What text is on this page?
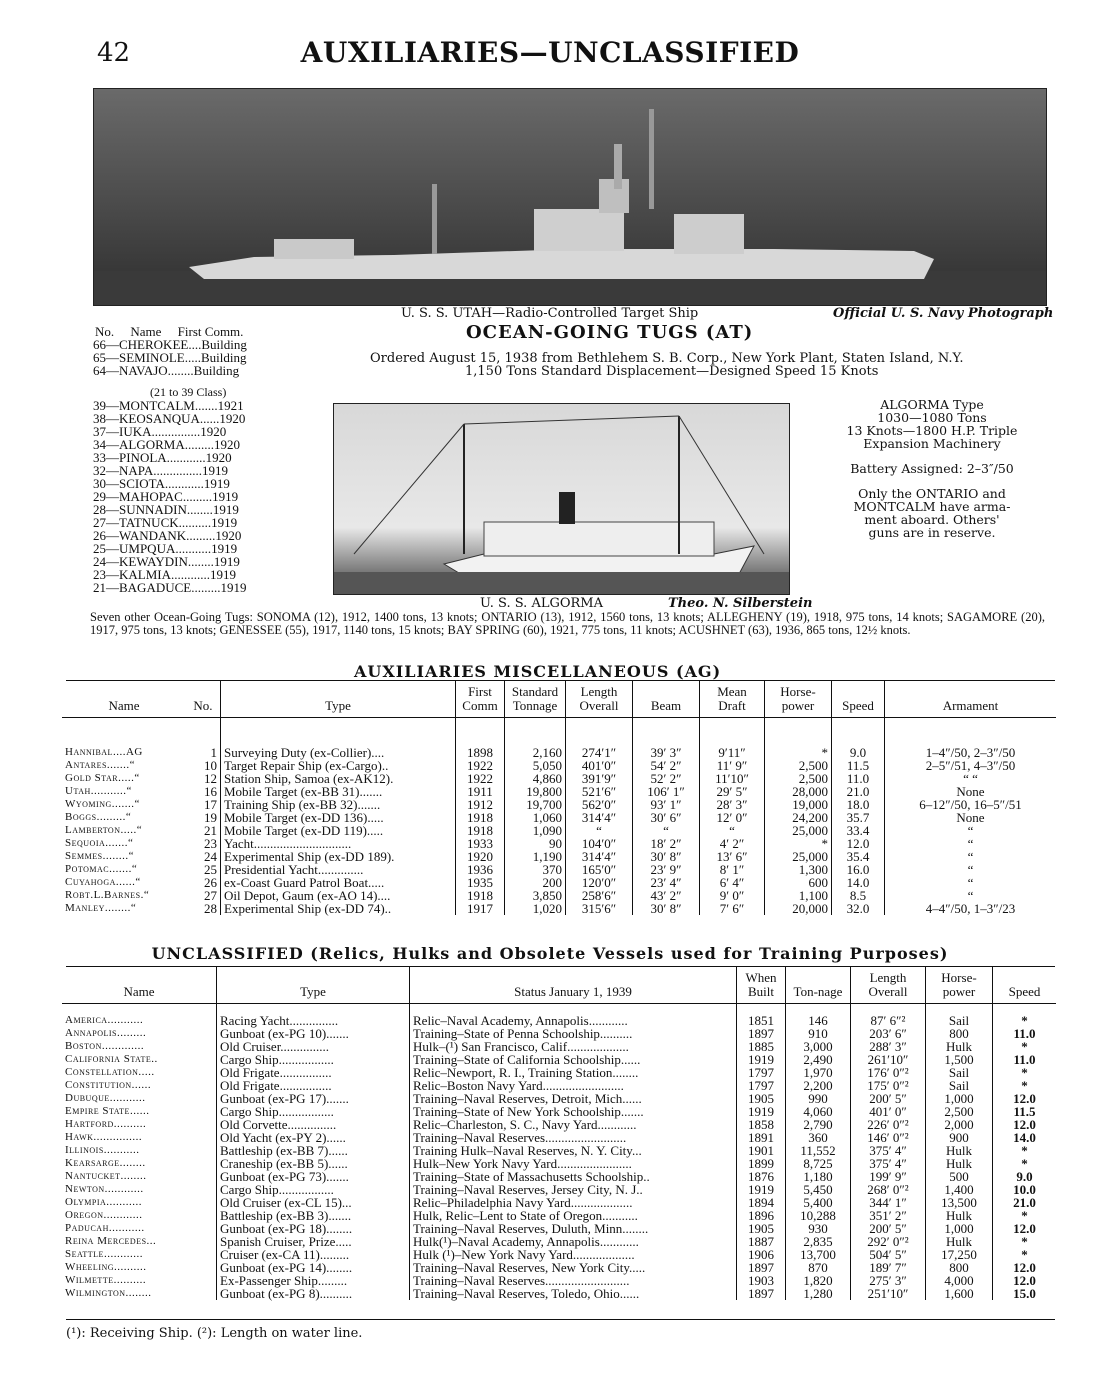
42	AUXILIARIES—UNCLASSIFIED
U. S. S. UTAH—Radio-Controlled Target Ship	Official U. S. Navy Photograph
OCEAN-GOING TUGS (AT)
Ordered August 15, 1938 from Bethlehem S. B. Corp., New York Plant, Staten Island, N.Y.
1,150 Tons Standard Displacement—Designed Speed 15 Knots
No.     Name     First Comm.
66—CHEROKEE....Building
65—SEMINOLE.....Building
64—NAVAJO........Building
(21 to 39 Class)
39—MONTCALM.......1921
38—KEOSANQUA......1920
37—IUKA...............1920
34—ALGORMA.........1920
33—PINOLA............1920
32—NAPA...............1919
30—SCIOTA............1919
29—MAHOPAC.........1919
28—SUNNADIN........1919
27—TATNUCK..........1919
26—WANDANK.........1920
25—UMPQUA...........1919
24—KEWAYDIN........1919
23—KALMIA............1919
21—BAGADUCE.........1919
ALGORMA Type
1030—1080 Tons
13 Knots—1800 H.P. Triple
Expansion Machinery
Battery Assigned: 2–3″/50
Only the ONTARIO and
MONTCALM have arma-
ment aboard. Others'
guns are in reserve.
U. S. S. ALGORMA	Theo. N. Silberstein
Seven other Ocean-Going Tugs: SONOMA (12), 1912, 1400 tons, 13 knots; ONTARIO (13), 1912, 1560 tons, 13 knots; ALLEGHENY (19), 1918, 975 tons, 14 knots; SAGAMORE (20), 1917, 975 tons, 13 knots; GENESSEE (55), 1917, 1140 tons, 15 knots; BAY SPRING (60), 1921, 775 tons, 11 knots; ACUSHNET (63), 1936, 865 tons, 12½ knots.
AUXILIARIES MISCELLANEOUS (AG)
Name	No.	Type	First Comm	Standard Tonnage	Length Overall	Beam	Mean Draft	Horse-power	Speed	Armament
Hannibal....AG	1	Surveying Duty (ex-Collier)....	1898	2,160	274′1″	39′ 3″	9′11″	*	9.0	1–4″/50, 2–3″/50
Antares.......“	10	Target Repair Ship (ex-Cargo)..	1922	5,050	401′0″	54′ 2″	11′ 9″	2,500	11.5	2–5″/51, 4–3″/50
Gold Star.....“	12	Station Ship, Samoa (ex-AK12).	1922	4,860	391′9″	52′ 2″	11′10″	2,500	11.0	“ “
Utah...........“	16	Mobile Target (ex-BB 31).......	1911	19,800	521′6″	106′ 1″	29′ 5″	28,000	21.0	None
Wyoming.......“	17	Training Ship (ex-BB 32).......	1912	19,700	562′0″	93′ 1″	28′ 3″	19,000	18.0	6–12″/50, 16–5″/51
Boggs.........“	19	Mobile Target (ex-DD 136).....	1918	1,060	314′4″	30′ 6″	12′ 0″	24,200	35.7	None
Lamberton.....“	21	Mobile Target (ex-DD 119).....	1918	1,090	“	“	“	25,000	33.4	“
Sequoia.......“	23	Yacht..............................	1933	90	104′0″	18′ 2″	4′ 2″	*	12.0	“
Semmes........“	24	Experimental Ship (ex-DD 189).	1920	1,190	314′4″	30′ 8″	13′ 6″	25,000	35.4	“
Potomac.......“	25	Presidential Yacht..............	1936	370	165′0″	23′ 9″	8′ 1″	1,300	16.0	“
Cuyahoga......“	26	ex-Coast Guard Patrol Boat.....	1935	200	120′0″	23′ 4″	6′ 4″	600	14.0	“
Robt.L.Barnes.“	27	Oil Depot, Gaum (ex-AO 14)....	1918	3,850	258′6″	43′ 2″	9′ 0″	1,100	8.5	“
Manley........“	28	Experimental Ship (ex-DD 74)..	1917	1,020	315′6″	30′ 8″	7′ 6″	20,000	32.0	4–4″/50, 1–3″/23
UNCLASSIFIED (Relics, Hulks and Obsolete Vessels used for Training Purposes)
Name	Type	Status January 1, 1939	When Built	Ton-nage	Length Overall	Horse-power	Speed
America...........	Racing Yacht...............	Relic–Naval Academy, Annapolis............	1851	146	87′ 6″²	Sail	*
Annapolis.........	Gunboat (ex-PG 10).......	Training–State of Penna Schoolship..........	1897	910	203′ 6″	800	11.0
Boston.............	Old Cruiser...............	Hulk–(¹) San Francisco, Calif...................	1885	3,000	288′ 3″	Hulk	*
California State..	Cargo Ship.................	Training–State of California Schoolship......	1919	2,490	261′10″	1,500	11.0
Constellation.....	Old Frigate................	Relic–Newport, R. I., Training Station........	1797	1,970	176′ 0″²	Sail	*
Constitution......	Old Frigate................	Relic–Boston Navy Yard.........................	1797	2,200	175′ 0″²	Sail	*
Dubuque...........	Gunboat (ex-PG 17).......	Training–Naval Reserves, Detroit, Mich......	1905	990	200′ 5″	1,000	12.0
Empire State......	Cargo Ship.................	Training–State of New York Schoolship.......	1919	4,060	401′ 0″	2,500	11.5
Hartford..........	Old Corvette...............	Relic–Charleston, S. C., Navy Yard............	1858	2,790	226′ 0″²	2,000	12.0
Hawk...............	Old Yacht (ex-PY 2)......	Training–Naval Reserves.........................	1891	360	146′ 0″²	900	14.0
Illinois...........	Battleship (ex-BB 7)......	Training Hulk–Naval Reserves, N. Y. City...	1901	11,552	375′ 4″	Hulk	*
Kearsarge........	Craneship (ex-BB 5)......	Hulk–New York Navy Yard.......................	1899	8,725	375′ 4″	Hulk	*
Nantucket........	Gunboat (ex-PG 73).......	Training–State of Massachusetts Schoolship..	1876	1,180	199′ 9″	500	9.0
Newton............	Cargo Ship.................	Training–Naval Reserves, Jersey City, N. J..	1919	5,450	268′ 0″²	1,400	10.0
Olympia...........	Old Cruiser (ex-CL 15)...	Relic–Philadelphia Navy Yard...................	1894	5,400	344′ 1″	13,500	21.0
Oregon............	Battleship (ex-BB 3).......	Hulk, Relic–Lent to State of Oregon...........	1896	10,288	351′ 2″	Hulk	*
Paducah...........	Gunboat (ex-PG 18)........	Training–Naval Reserves, Duluth, Minn........	1905	930	200′ 5″	1,000	12.0
Reina Mercedes...	Spanish Cruiser, Prize.....	Hulk(¹)–Naval Academy, Annapolis............	1887	2,835	292′ 0″²	Hulk	*
Seattle............	Cruiser (ex-CA 11).........	Hulk (¹)–New York Navy Yard...................	1906	13,700	504′ 5″	17,250	*
Wheeling..........	Gunboat (ex-PG 14)........	Training–Naval Reserves, New York City.....	1897	870	189′ 7″	800	12.0
Wilmette..........	Ex-Passenger Ship.........	Training–Naval Reserves..........................	1903	1,820	275′ 3″	4,000	12.0
Wilmington........	Gunboat (ex-PG 8)..........	Training–Naval Reserves, Toledo, Ohio......	1897	1,280	251′10″	1,600	15.0
(¹): Receiving Ship. (²): Length on water line.
